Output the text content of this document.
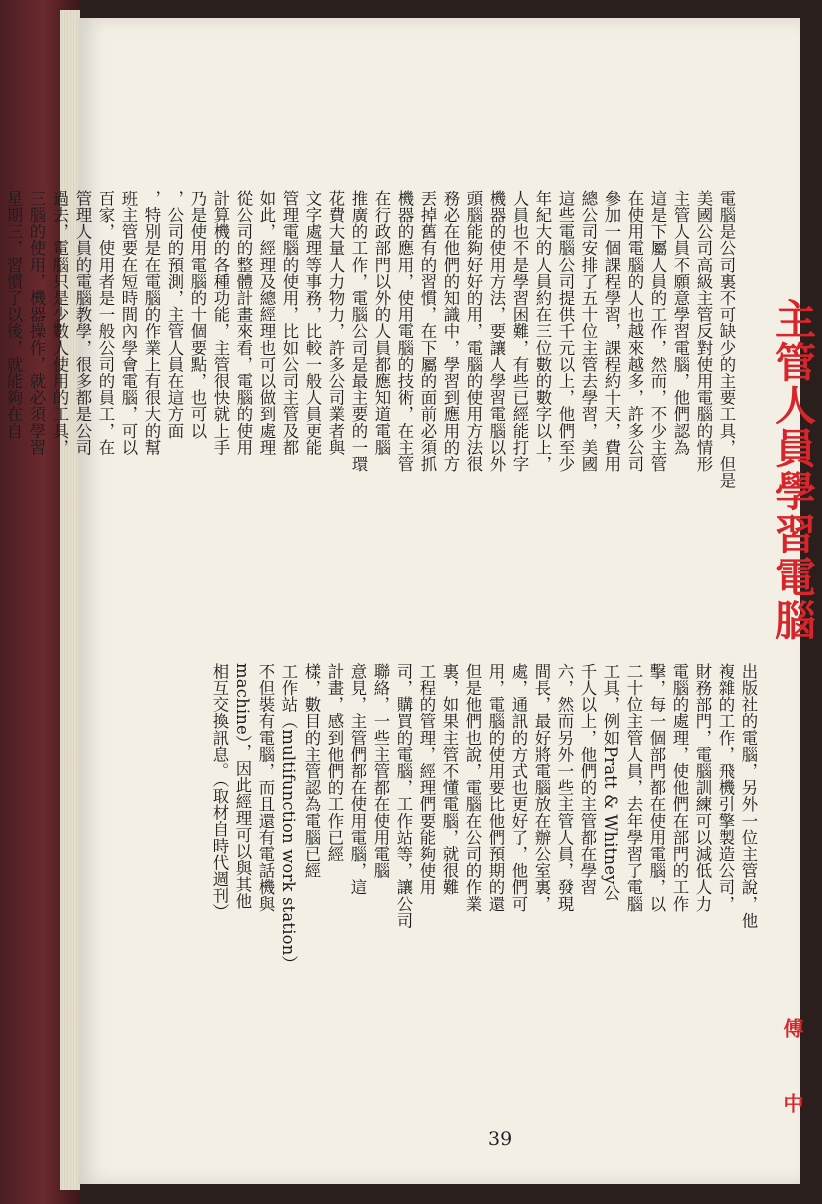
主管人員學習電腦
傅 中
電腦是公司裏不可缺少的主要工具，但是
美國公司高級主管反對使用電腦的情形
主管人員不願意學習電腦，他們認為
這是下屬人員的工作，然而，不少主管
在使用電腦的人也越來越多，許多公司
參加一個課程學習，課程約十天，費用
總公司安排了五十位主管去學習，美國
這些電腦公司提供千元以上，他們至少
年紀大的人員約在三位數的數字以上，
人員也不是學習困難，有些已經能打字
機器的使用方法，要讓人學習電腦以外
頭腦能夠好好的用，電腦的使用方法很
務必在他們的知識中，學習到應用的方
丟掉舊有的習慣，在下屬的面前必須抓
機器的應用，使用電腦的技術，在主管
在行政部門以外的人員都應知道電腦
推廣的工作，電腦公司是最主要的一環
花費大量人力物力，許多公司業者與
文字處理等事務，比較一般人員更能
管理電腦的使用，比如公司主管及都
如此，經理及總經理也可以做到處理
從公司的整體計畫來看，電腦的使用
計算機的各種功能，主管很快就上手
乃是使用電腦的十個要點，也可以
，公司的預測，主管人員在這方面
，特別是在電腦的作業上有很大的幫
班主管要在短時間內學會電腦，可以
百家，使用者是一般公司的員工，在
管理人員的電腦教學，很多都是公司
過去，電腦只是少數人使用的工具，
三腦的使用，機器操作，就必須學習
星期三，習慣了以後，就能夠在自
出版社的電腦，另外一位主管說，他
複雜的工作，飛機引擎製造公司，
財務部門，電腦訓練可以減低人力
電腦的處理，使他們在部門的工作
擊，每一個部門都在使用電腦，以
二十位主管人員，去年學習了電腦
工具，例如Pratt & Whitney公
千人以上，他們的主管都在學習
六，然而另外一些主管人員，發現
間長，最好將電腦放在辦公室裏，
處，通訊的方式也更好了，他們可
用，電腦的使用要比他們預期的還
但是他們也說，電腦在公司的作業
裏，如果主管不懂電腦，就很難
工程的管理，經理們要能夠使用
司，購買的電腦，工作站等，讓公司
聯絡，一些主管都在使用電腦
意見，主管們都在使用電腦，這
計畫，感到他們的工作已經
樣，數目的主管認為電腦已經
工作站（multifunction work station）
不但裝有電腦，而且還有電話機與
machine），因此經理可以與其他
相互交換訊息。（取材自時代週刊）
39
